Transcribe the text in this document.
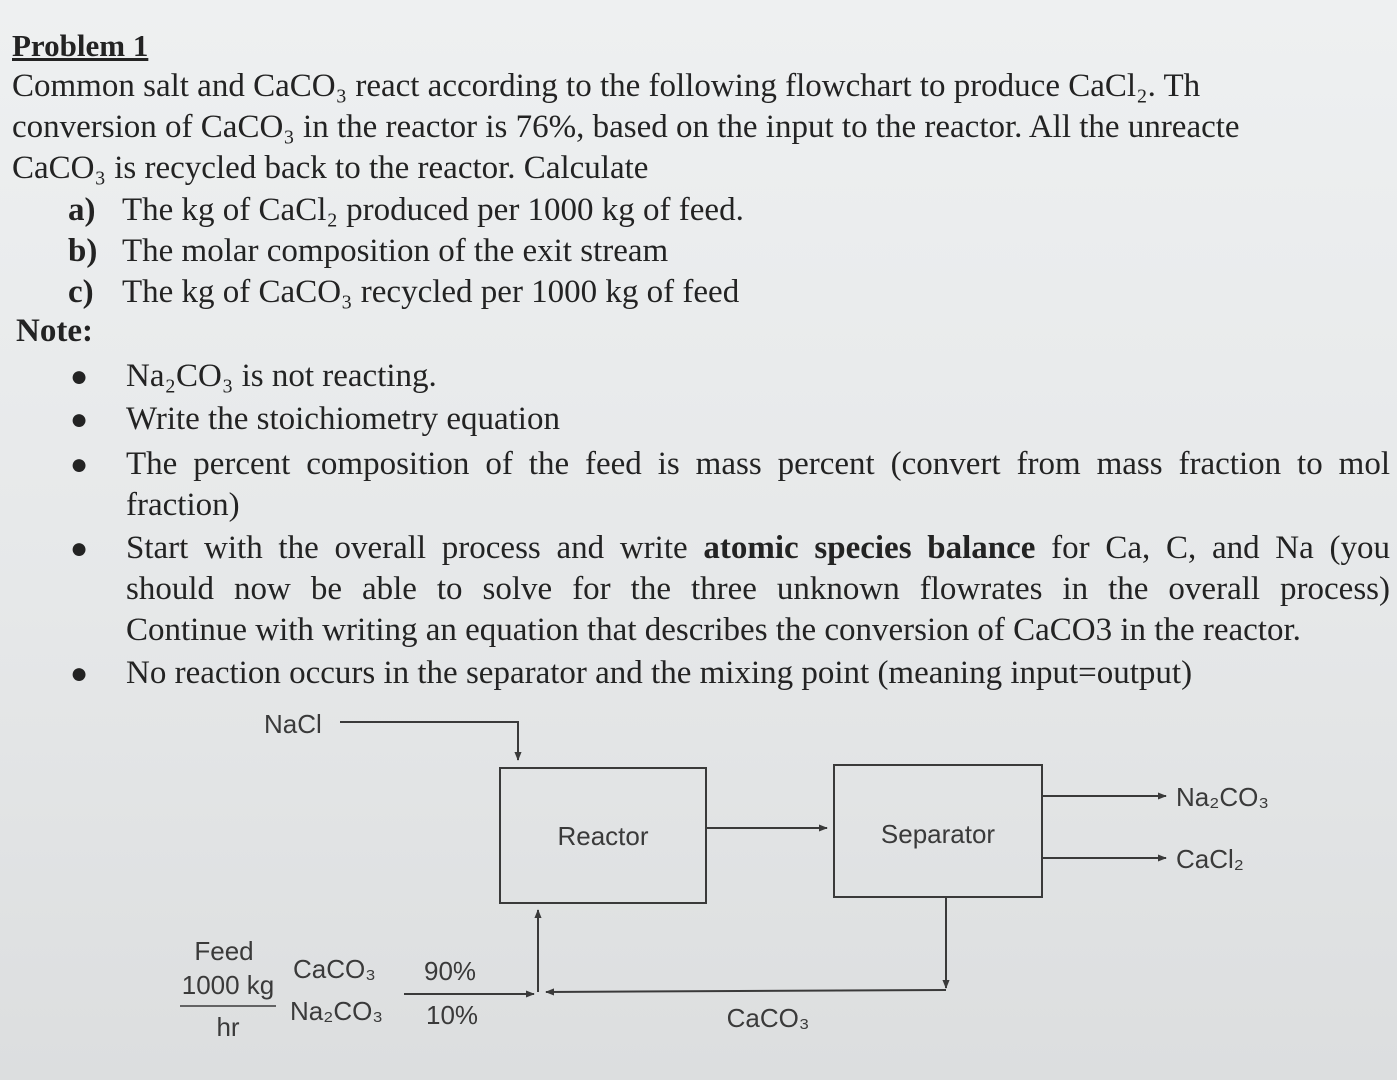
Problem 1
Common salt and CaCO₃ react according to the following flowchart to produce CaCl₂. Th
conversion of CaCO₃ in the reactor is 76%, based on the input to the reactor. All the unreacte
CaCO₃ is recycled back to the reactor. Calculate
a) The kg of CaCl₂ produced per 1000 kg of feed.
b) The molar composition of the exit stream
c) The kg of CaCO₃ recycled per 1000 kg of feed
Note:
● Na₂CO₃ is not reacting.
● Write the stoichiometry equation
● The percent composition of the feed is mass percent (convert from mass fraction to mol
fraction)
● Start with the overall process and write atomic species balance for Ca, C, and Na (you
should now be able to solve for the three unknown flowrates in the overall process)
Continue with writing an equation that describes the conversion of CaCO3 in the reactor.
● No reaction occurs in the separator and the mixing point (meaning input=output)
NaCl
Reactor	Separator
Na₂CO₃
CaCl₂
CaCO₃
Feed
1000 kg
hr
CaCO₃ 90%
Na₂CO₃ 10%
